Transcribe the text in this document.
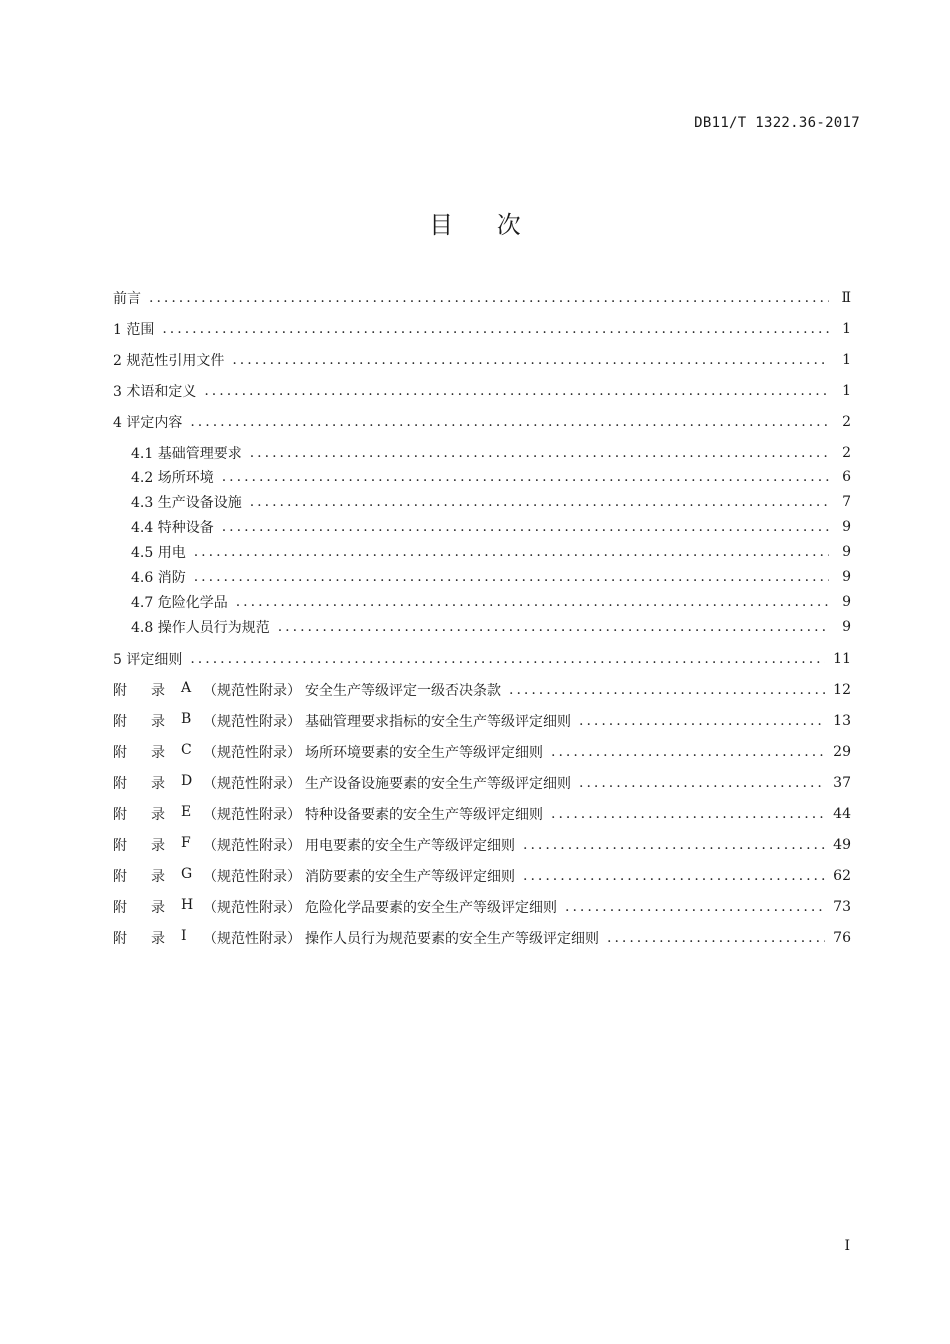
DB11/T 1322.36-2017
目 次
前言 .....	Ⅱ
1 范围 .....	1
2 规范性引用文件 .....	1
3 术语和定义 .....	1
4 评定内容 .....	2
4.1 基础管理要求 .....	2
4.2 场所环境 .....	6
4.3 生产设备设施 .....	7
4.4 特种设备 .....	9
4.5 用电 .....	9
4.6 消防 .....	9
4.7 危险化学品 .....	9
4.8 操作人员行为规范 .....	9
5 评定细则 .....	11
附	录	A （规范性附录） 安全生产等级评定一级否决条款 .....	12
附	录	B （规范性附录） 基础管理要求指标的安全生产等级评定细则 .....	13
附	录	C （规范性附录） 场所环境要素的安全生产等级评定细则 .....	29
附	录	D （规范性附录） 生产设备设施要素的安全生产等级评定细则 .....	37
附	录	E （规范性附录） 特种设备要素的安全生产等级评定细则 .....	44
附	录	F （规范性附录） 用电要素的安全生产等级评定细则 .....	49
附	录	G （规范性附录） 消防要素的安全生产等级评定细则 .....	62
附	录	H （规范性附录） 危险化学品要素的安全生产等级评定细则 .....	73
附	录	I	（规范性附录） 操作人员行为规范要素的安全生产等级评定细则 .....	76
I
